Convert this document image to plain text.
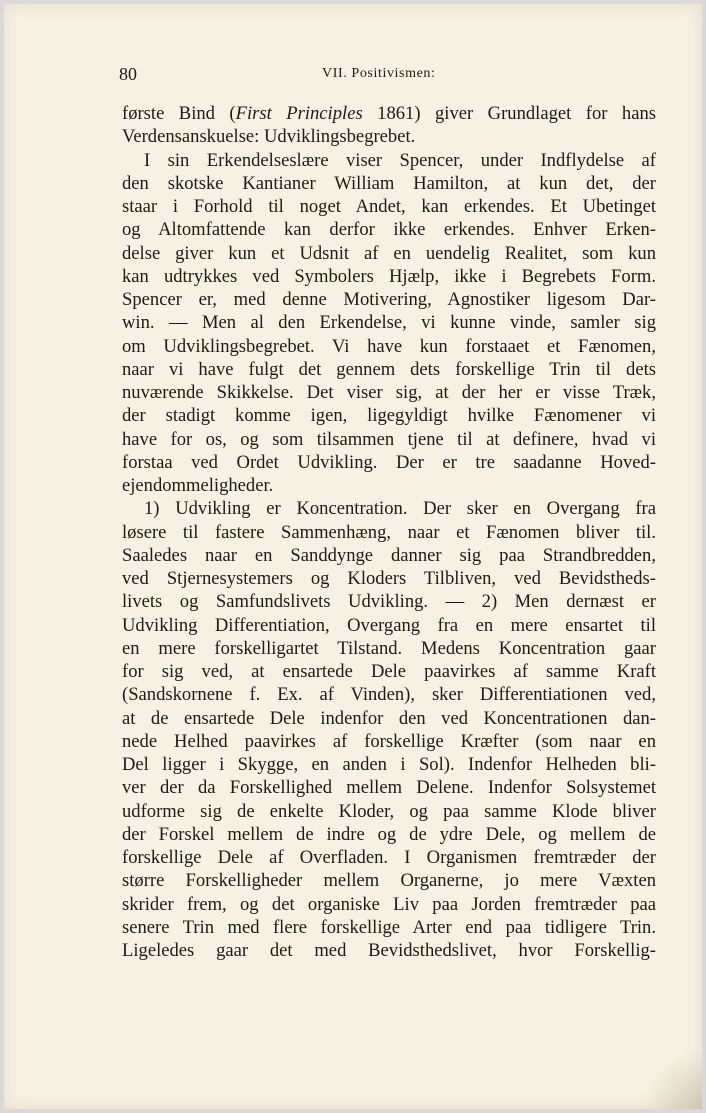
80	VII. Positivismen:
første Bind (First Principles 1861) giver Grundlaget for hans
Verdensanskuelse: Udviklingsbegrebet.
I sin Erkendelseslære viser Spencer, under Indflydelse af
den skotske Kantianer William Hamilton, at kun det, der
staar i Forhold til noget Andet, kan erkendes. Et Ubetinget
og Altomfattende kan derfor ikke erkendes. Enhver Erken-
delse giver kun et Udsnit af en uendelig Realitet, som kun
kan udtrykkes ved Symbolers Hjælp, ikke i Begrebets Form.
Spencer er, med denne Motivering, Agnostiker ligesom Dar-
win. — Men al den Erkendelse, vi kunne vinde, samler sig
om Udviklingsbegrebet. Vi have kun forstaaet et Fænomen,
naar vi have fulgt det gennem dets forskellige Trin til dets
nuværende Skikkelse. Det viser sig, at der her er visse Træk,
der stadigt komme igen, ligegyldigt hvilke Fænomener vi
have for os, og som tilsammen tjene til at definere, hvad vi
forstaa ved Ordet Udvikling. Der er tre saadanne Hoved-
ejendommeligheder.
1) Udvikling er Koncentration. Der sker en Overgang fra
løsere til fastere Sammenhæng, naar et Fænomen bliver til.
Saaledes naar en Sanddynge danner sig paa Strandbredden,
ved Stjernesystemers og Kloders Tilbliven, ved Bevidstheds-
livets og Samfundslivets Udvikling. — 2) Men dernæst er
Udvikling Differentiation, Overgang fra en mere ensartet til
en mere forskelligartet Tilstand. Medens Koncentration gaar
for sig ved, at ensartede Dele paavirkes af samme Kraft
(Sandskornene f. Ex. af Vinden), sker Differentiationen ved,
at de ensartede Dele indenfor den ved Koncentrationen dan-
nede Helhed paavirkes af forskellige Kræfter (som naar en
Del ligger i Skygge, en anden i Sol). Indenfor Helheden bli-
ver der da Forskellighed mellem Delene. Indenfor Solsystemet
udforme sig de enkelte Kloder, og paa samme Klode bliver
der Forskel mellem de indre og de ydre Dele, og mellem de
forskellige Dele af Overfladen. I Organismen fremtræder der
større Forskelligheder mellem Organerne, jo mere Væxten
skrider frem, og det organiske Liv paa Jorden fremtræder paa
senere Trin med flere forskellige Arter end paa tidligere Trin.
Ligeledes gaar det med Bevidsthedslivet, hvor Forskellig-
